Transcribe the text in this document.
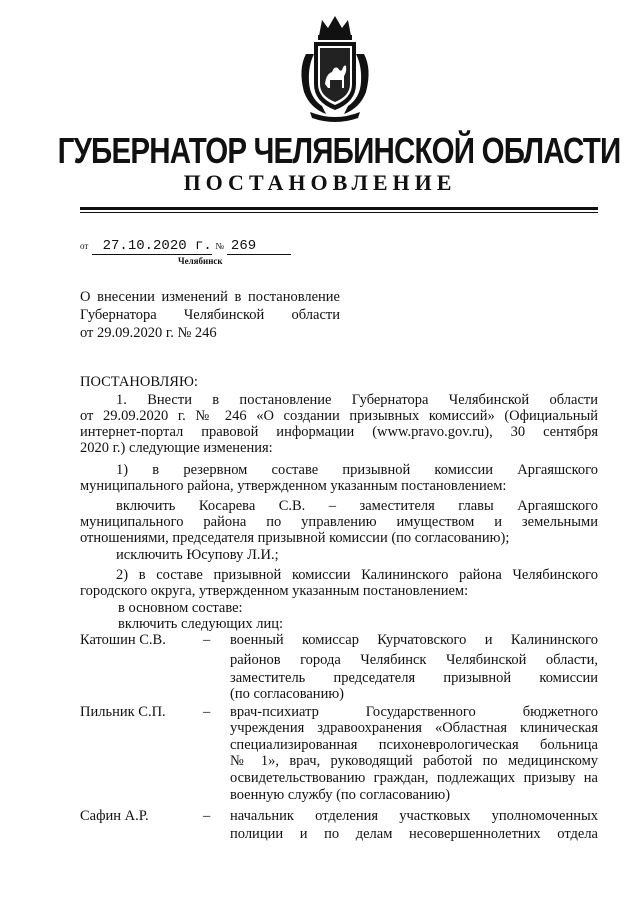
ГУБЕРНАТОР ЧЕЛЯБИНСКОЙ ОБЛАСТИ
ПОСТАНОВЛЕНИЕ
от 27.10.2020 г. № 269
Челябинск
О внесении изменений в постановление
Губернатора Челябинской области
от 29.09.2020 г. № 246
ПОСТАНОВЛЯЮ:
1. Внести в постановление Губернатора Челябинской области
от 29.09.2020 г. № 246 «О создании призывных комиссий» (Официальный
интернет-портал правовой информации (www.pravo.gov.ru), 30 сентября
2020 г.) следующие изменения:
1) в резервном составе призывной комиссии Аргаяшского
муниципального района, утвержденном указанным постановлением:
включить Косарева С.В. – заместителя главы Аргаяшского
муниципального района по управлению имуществом и земельными
отношениями, председателя призывной комиссии (по согласованию);
исключить Юсупову Л.И.;
2) в составе призывной комиссии Калининского района Челябинского
городского округа, утвержденном указанным постановлением:
в основном составе:
включить следующих лиц:
Катошин С.В.	– военный комиссар Курчатовского и Калининского
районов города Челябинск Челябинской области,
заместитель председателя призывной комиссии
(по согласованию)
Пильник С.П.	– врач-психиатр Государственного бюджетного
учреждения здравоохранения «Областная клиническая
специализированная психоневрологическая больница
№ 1», врач, руководящий работой по медицинскому
освидетельствованию граждан, подлежащих призыву на
военную службу (по согласованию)
Сафин А.Р.	– начальник отделения участковых уполномоченных
полиции и по делам несовершеннолетних отдела
